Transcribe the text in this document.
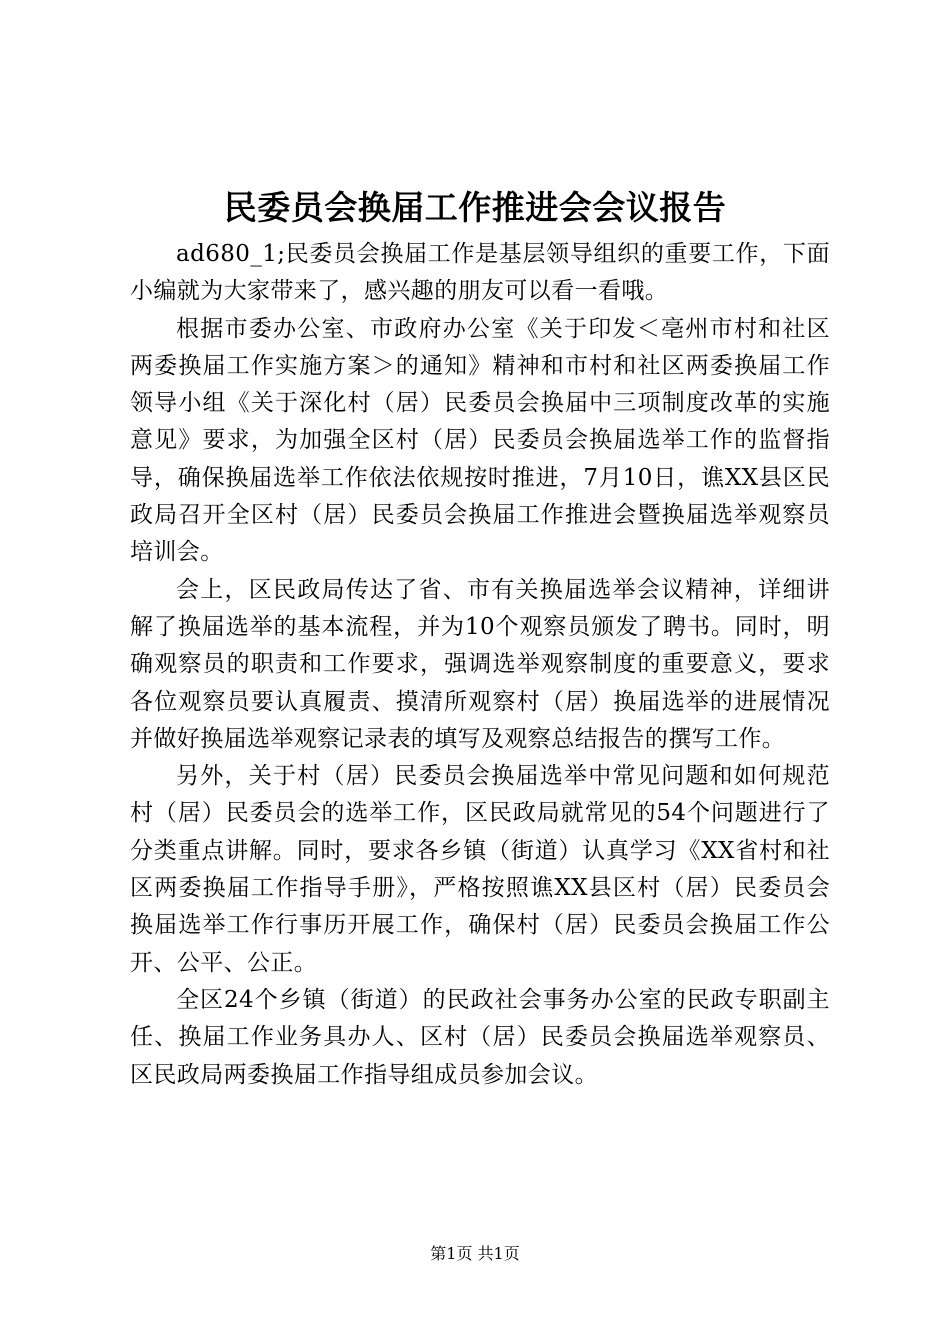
民委员会换届工作推进会会议报告

ad680_1;民委员会换届工作是基层领导组织的重要工作，下面小编就为大家带来了，感兴趣的朋友可以看一看哦。

根据市委办公室、市政府办公室《关于印发＜亳州市村和社区两委换届工作实施方案＞的通知》精神和市村和社区两委换届工作领导小组《关于深化村（居）民委员会换届中三项制度改革的实施意见》要求，为加强全区村（居）民委员会换届选举工作的监督指导，确保换届选举工作依法依规按时推进，7月10日，谯XX县区民政局召开全区村（居）民委员会换届工作推进会暨换届选举观察员培训会。

会上，区民政局传达了省、市有关换届选举会议精神，详细讲解了换届选举的基本流程，并为10个观察员颁发了聘书。同时，明确观察员的职责和工作要求，强调选举观察制度的重要意义，要求各位观察员要认真履责、摸清所观察村（居）换届选举的进展情况并做好换届选举观察记录表的填写及观察总结报告的撰写工作。

另外，关于村（居）民委员会换届选举中常见问题和如何规范村（居）民委员会的选举工作，区民政局就常见的54个问题进行了分类重点讲解。同时，要求各乡镇（街道）认真学习《XX省村和社区两委换届工作指导手册》，严格按照谯XX县区村（居）民委员会换届选举工作行事历开展工作，确保村（居）民委员会换届工作公开、公平、公正。

全区24个乡镇（街道）的民政社会事务办公室的民政专职副主任、换届工作业务具办人、区村（居）民委员会换届选举观察员、区民政局两委换届工作指导组成员参加会议。

第1页 共1页
